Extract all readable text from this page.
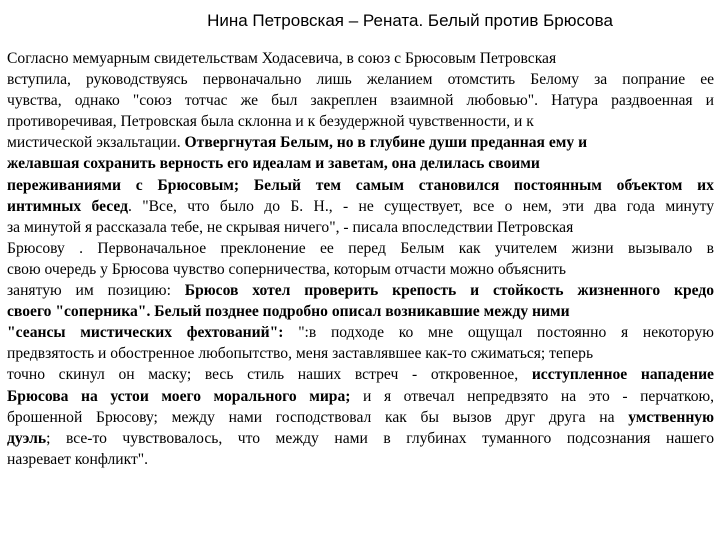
Нина Петровская – Рената. Белый против Брюсова
Согласно мемуарным свидетельствам Ходасевича, в союз с Брюсовым Петровская
вступила, руководствуясь первоначально лишь желанием отомстить Белому за попрание ее
чувства, однако "союз тотчас же был закреплен взаимной любовью". Натура раздвоенная и
противоречивая, Петровская была склонна и к безудержной чувственности, и к
мистической экзальтации. Отвергнутая Белым, но в глубине души преданная ему и
желавшая сохранить верность его идеалам и заветам, она делилась своими
переживаниями с Брюсовым; Белый тем самым становился постоянным объектом их
интимных бесед. "Все, что было до Б. Н., - не существует, все о нем, эти два года минуту
за минутой я рассказала тебе, не скрывая ничего", - писала впоследствии Петровская
Брюсову . Первоначальное преклонение ее перед Белым как учителем жизни вызывало в
свою очередь у Брюсова чувство соперничества, которым отчасти можно объяснить
занятую им позицию: Брюсов хотел проверить крепость и стойкость жизненного кредо
своего "соперника". Белый позднее подробно описал возникавшие между ними
"сеансы мистических фехтований": ":в подходе ко мне ощущал постоянно я некоторую
предвзятость и обостренное любопытство, меня заставлявшее как-то сжиматься; теперь
точно скинул он маску; весь стиль наших встреч - откровенное, исступленное нападение
Брюсова на устои моего морального мира; и я отвечал непредвзято на это - перчаткою,
брошенной Брюсову; между нами господствовал как бы вызов друг друга на умственную
дуэль; все-то чувствовалось, что между нами в глубинах туманного подсознания нашего
назревает конфликт".
